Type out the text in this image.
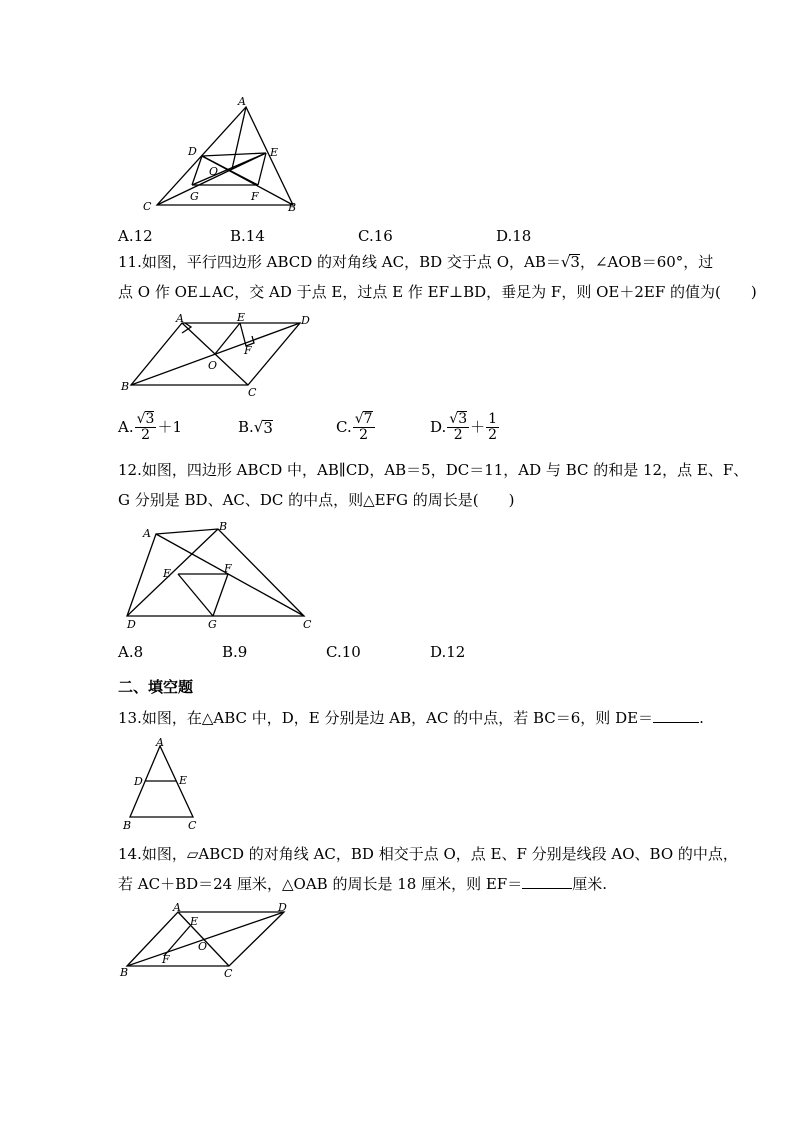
A
D	E
O
C
G	F
B
A.12	B.14	C.16	D.18
11.如图，平行四边形 ABCD 的对角线 AC，BD 交于点 O，AB＝√3，∠AOB＝60°，过
点 O 作 OE⊥AC，交 AD 于点 E，过点 E 作 EF⊥BD，垂足为 F，则 OE＋2EF 的值为(　　)
A	E	D
F
O
B	C
A. $\frac{√3}{2} +1$	B. √ 3	C. $\frac{√7}{2}$	D. $\frac{√3}{2} + \frac{1}{2}$
12.如图，四边形 ABCD 中，AB∥CD，AB＝5，DC＝11，AD 与 BC 的和是 12，点 E、F、
G 分别是 BD、AC、DC 的中点，则△EFG 的周长是(　　)
A
B
E	F
D	G	C
A.8	B.9	C.10	D.12
二、填空题
13.如图，在△ABC 中，D，E 分别是边 AB，AC 的中点，若 BC＝6，则 DE＝	.
A
D	E
B	C
14.如图，▱ABCD 的对角线 AC，BD 相交于点 O，点 E、F 分别是线段 AO、BO 的中点，
若 AC＋BD＝24 厘米，△OAB 的周长是 18 厘米，则 EF＝	厘米.
A	D
E
O
F
B	C
